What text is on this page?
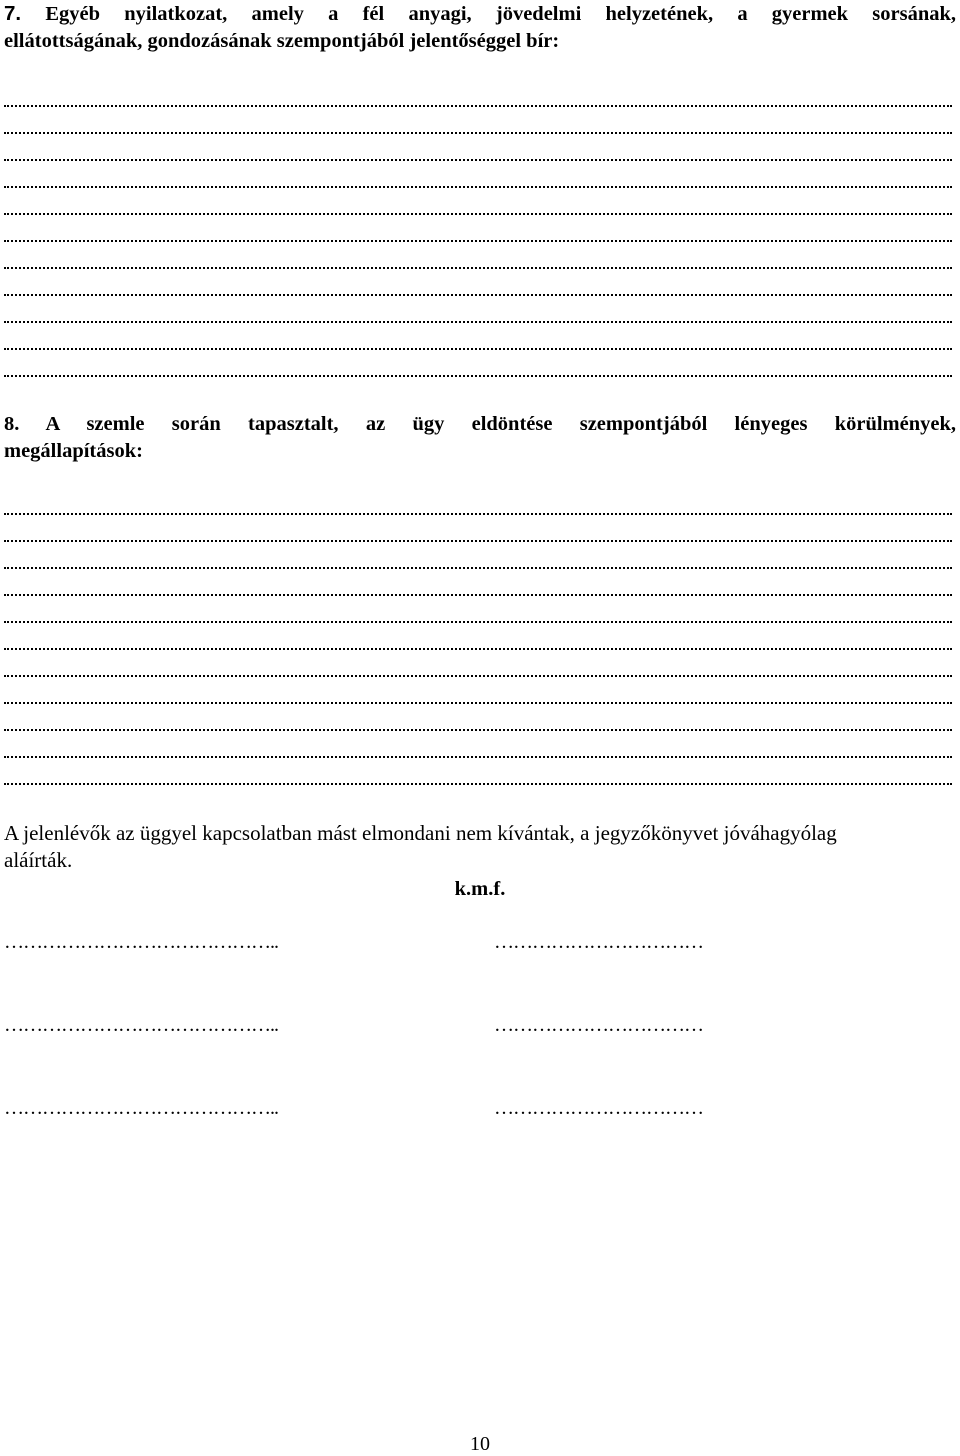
7. Egyéb nyilatkozat, amely a fél anyagi, jövedelmi helyzetének, a gyermek sorsának,
ellátottságának, gondozásának szempontjából jelentőséggel bír:
8. A szemle során tapasztalt, az ügy eldöntése szempontjából lényeges körülmények,
megállapítások:
A jelenlévők az üggyel kapcsolatban mást elmondani nem kívántak, a jegyzőkönyvet jóváhagyólag
aláírták.
k.m.f.
……………………………………..	……………………………
……………………………………..	……………………………
……………………………………..	……………………………
10
